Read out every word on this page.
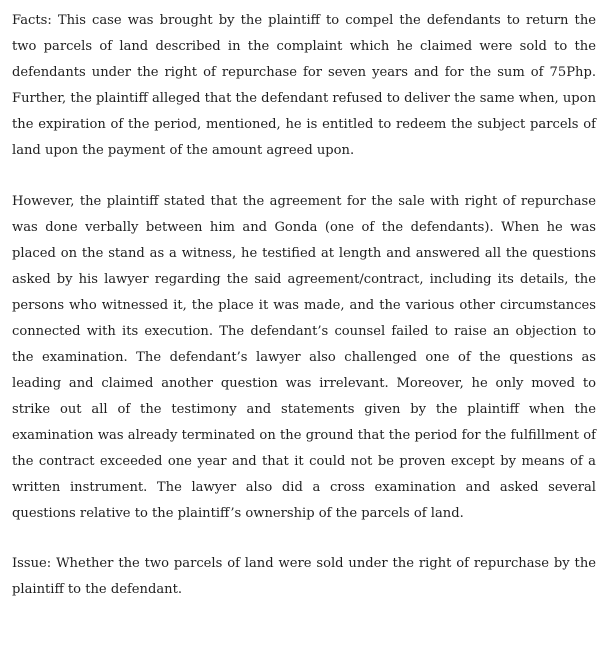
Facts: This case was brought by the plaintiff to compel the defendants to return the two parcels of land described in the complaint which he claimed were sold to the defendants under the right of repurchase for seven years and for the sum of 75Php. Further, the plaintiff alleged that the defendant refused to deliver the same when, upon the expiration of the period, mentioned, he is entitled to redeem the subject parcels of land upon the payment of the amount agreed upon.

However, the plaintiff stated that the agreement for the sale with right of repurchase was done verbally between him and Gonda (one of the defendants). When he was placed on the stand as a witness, he testified at length and answered all the questions asked by his lawyer regarding the said agreement/contract, including its details, the persons who witnessed it, the place it was made, and the various other circumstances connected with its execution. The defendant’s counsel failed to raise an objection to the examination. The defendant’s lawyer also challenged one of the questions as leading and claimed another question was irrelevant. Moreover, he only moved to strike out all of the testimony and statements given by the plaintiff when the examination was already terminated on the ground that the period for the fulfillment of the contract exceeded one year and that it could not be proven except by means of a written instrument. The lawyer also did a cross examination and asked several questions relative to the plaintiff’s ownership of the parcels of land.

Issue: Whether the two parcels of land were sold under the right of repurchase by the plaintiff to the defendant.
